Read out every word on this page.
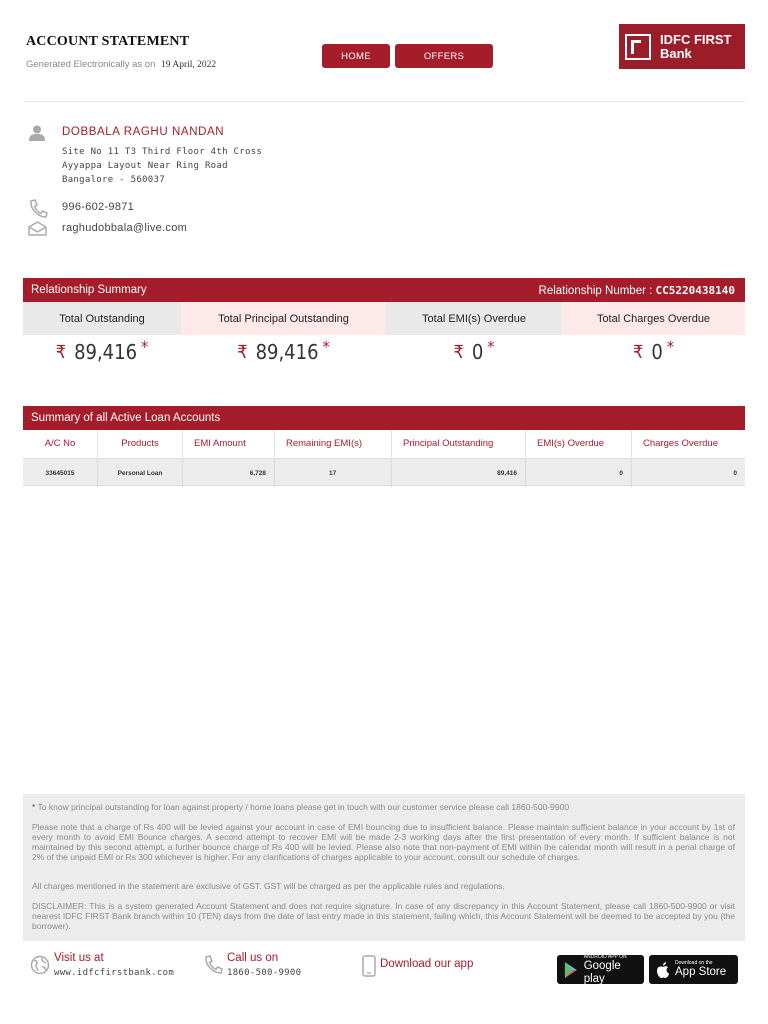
ACCOUNT STATEMENT
Generated Electronically as on 19 April, 2022
HOME	OFFERS
IDFC FIRST
Bank
DOBBALA RAGHU NANDAN
Site No 11 T3 Third Floor 4th Cross
Ayyappa Layout Near Ring Road
Bangalore - 560037
996-602-9871
raghudobbala@live.com
Relationship Summary	Relationship Number : CC5220438140
Total Outstanding	Total Principal Outstanding	Total EMI(s) Overdue	Total Charges Overdue
₹ 89,416 *	₹ 89,416 *	₹ 0 *	₹ 0 *
Summary of all Active Loan Accounts
A/C No	Products	EMI Amount	Remaining EMI(s)	Principal Outstanding	EMI(s) Overdue	Charges Overdue
33645015	Personal Loan	6,728	17	89,416	0	0
* To know principal outstanding for loan against property / home loans please get in touch with our customer service please call 1860-500-9900
Please note that a charge of Rs 400 will be levied against your account in case of EMI bouncing due to insufficient balance. Please maintain sufficient balance in your account by 1st of every month to avoid EMI Bounce charges. A second attempt to recover EMI will be made 2-3 working days after the first presentation of every month. If sufficient balance is not maintained by this second attempt, a further bounce charge of Rs 400 will be levied. Please also note that non-payment of EMI within the calendar month will result in a penal charge of 2% of the unpaid EMI or Rs 300 whichever is higher. For any clarifications of charges applicable to your account, consult our schedule of charges.
All charges mentioned in the statement are exclusive of GST. GST will be charged as per the applicable rules and regulations.
DISCLAIMER: This is a system generated Account Statement and does not require signature. In case of any discrepancy in this Account Statement, please call 1860-500-9900 or visit nearest IDFC FIRST Bank branch within 10 (TEN) days from the date of last entry made in this statement, failing which, this Account Statement will be deemed to be accepted by you (the borrower).
Visit us at
www.idfcfirstbank.com
Call us on
1860-500-9900
Download our app
ANDROID APP ON
Google play
Download on the
App Store
